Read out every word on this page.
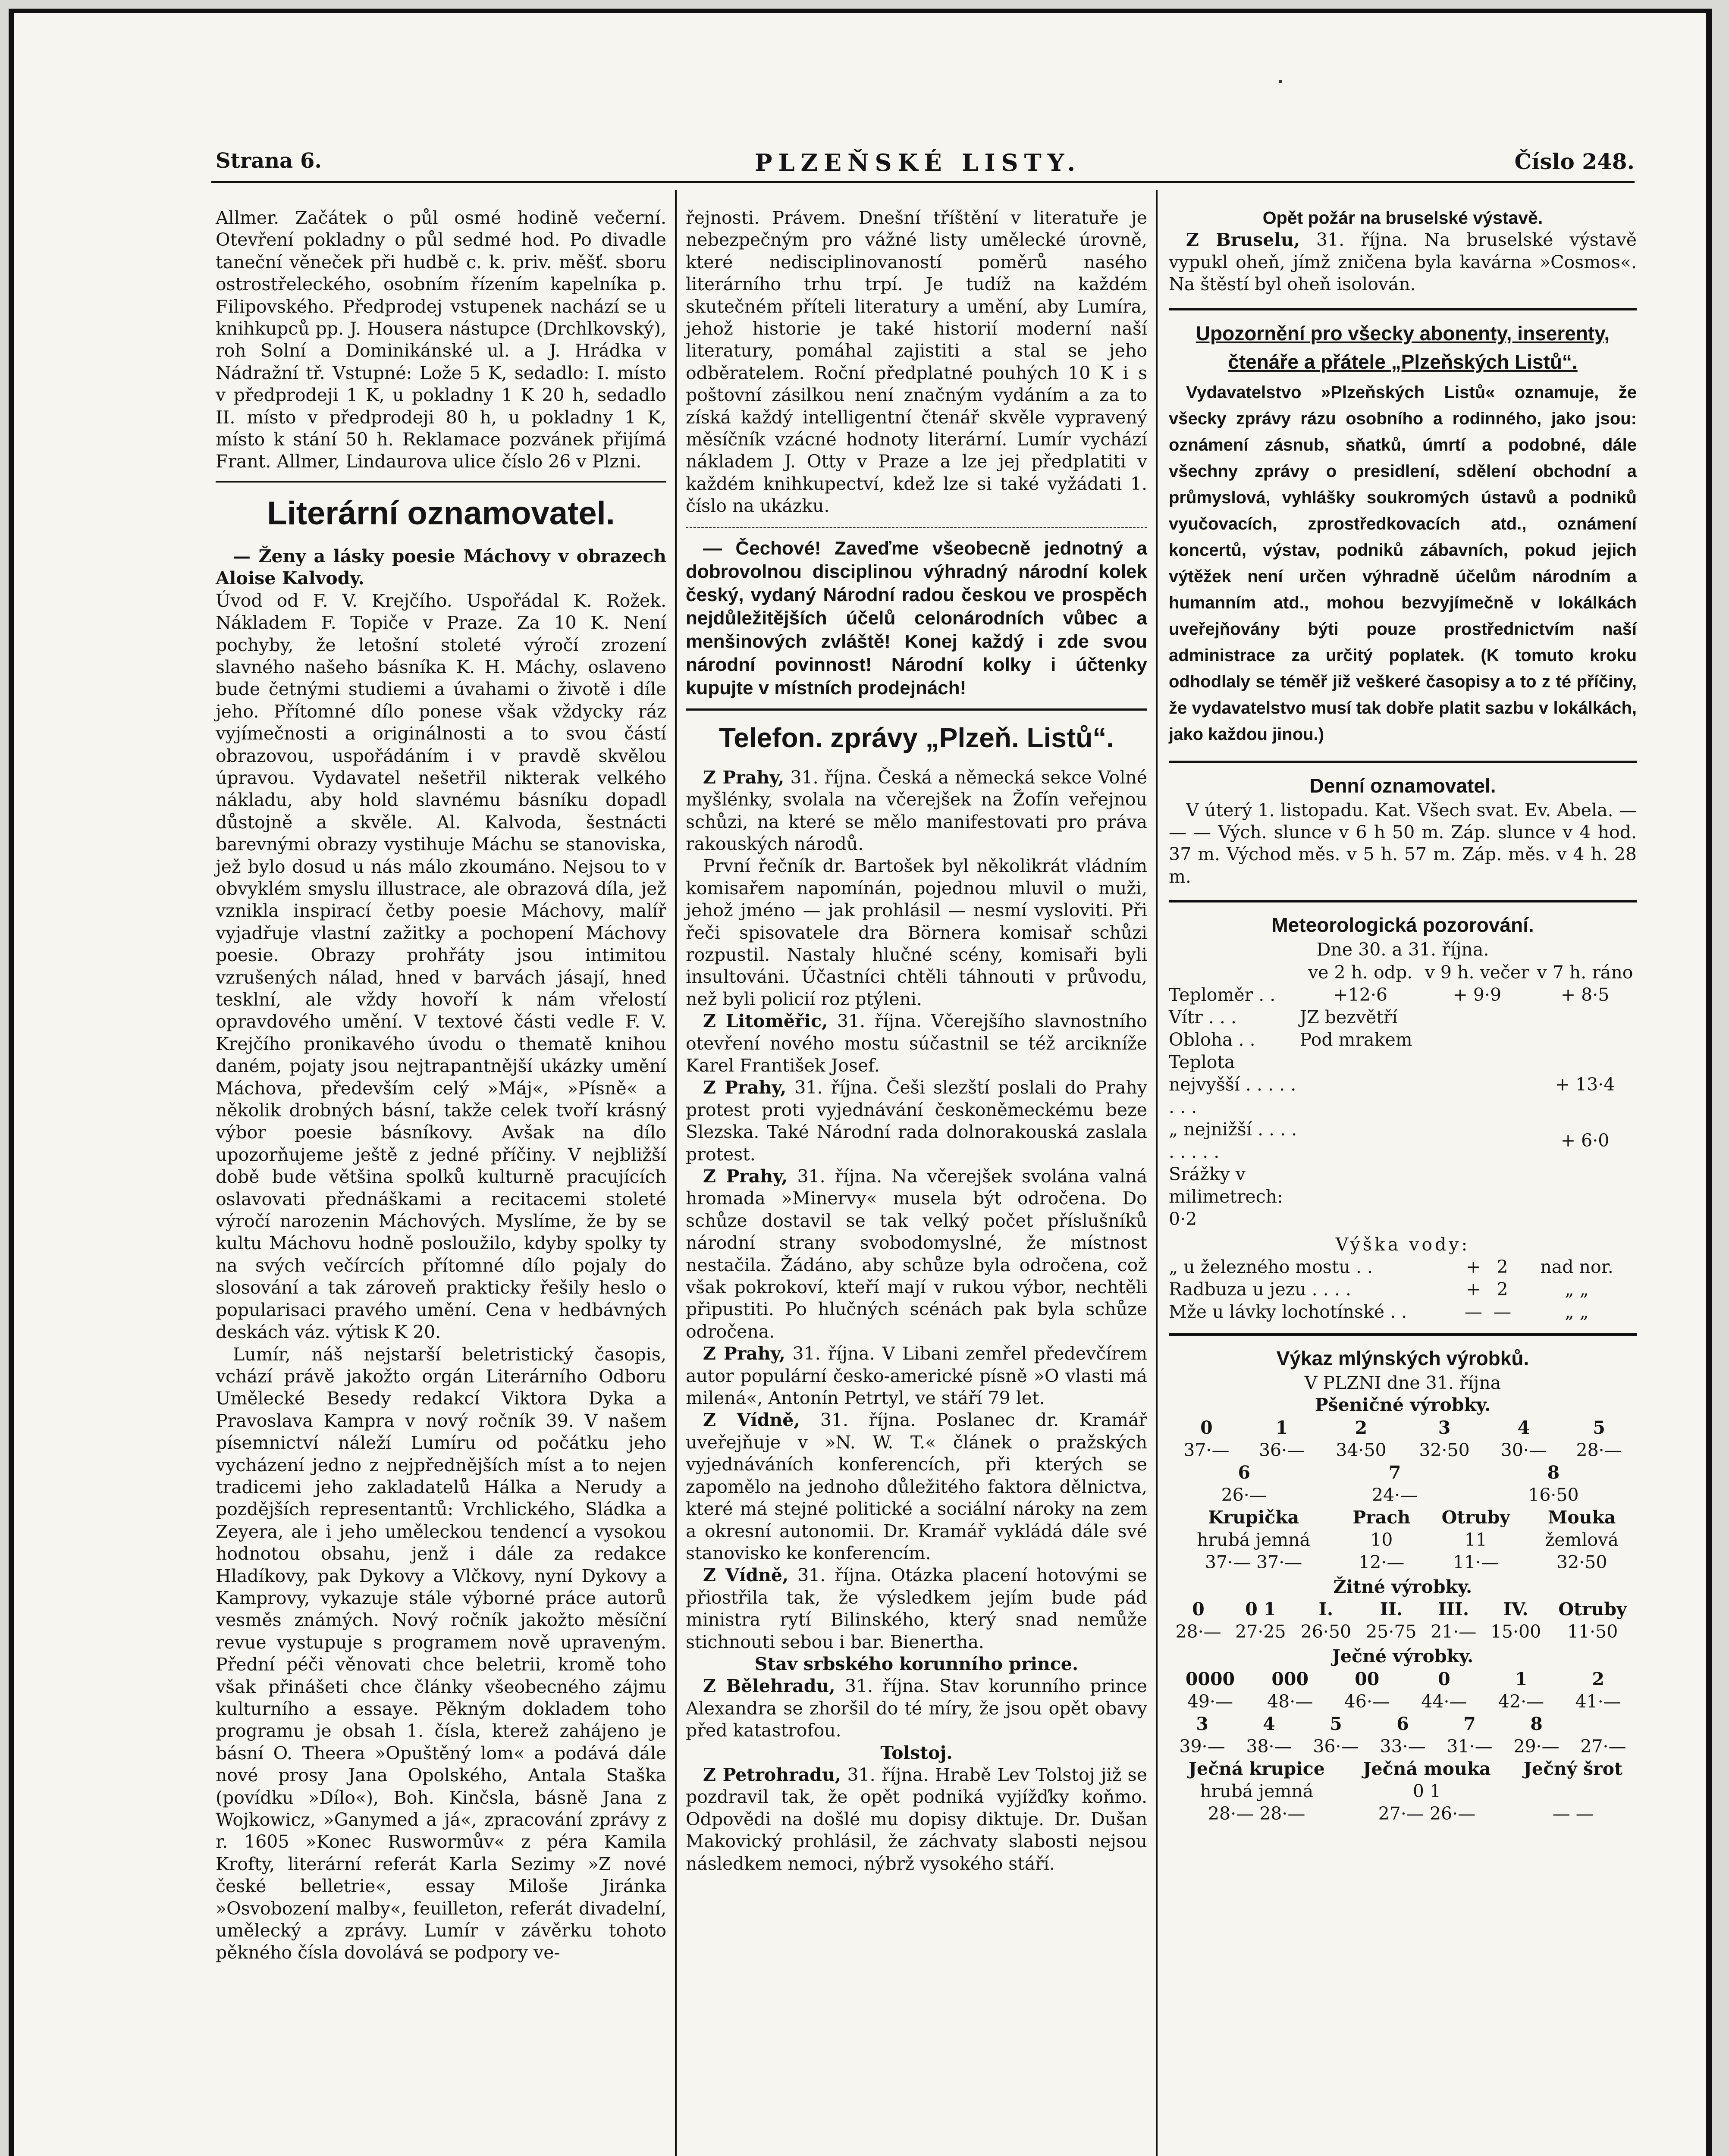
Strana 6.	PLZEŇSKÉ LISTY.	Číslo 248.

Allmer. Začátek o půl osmé hodině večerní. Otevření pokladny o půl sedmé hod. Po divadle taneční věneček při hudbě c. k. priv. měšť. sboru ostrostřeleckého, osobním řízením kapelníka p. Filipovského. Předprodej vstupenek nachází se u knihkupců pp. J. Housera nástupce (Drchlkovský), roh Solní a Dominikánské ul. a J. Hrádka v Nádražní tř. Vstupné: Lože 5 K, sedadlo: I. místo v předprodeji 1 K, u pokladny 1 K 20 h, sedadlo II. místo v předprodeji 80 h, u pokladny 1 K, místo k stání 50 h. Reklamace pozvánek přijímá Frant. Allmer, Lindaurova ulice číslo 26 v Plzni.

Literární oznamovatel.

— Ženy a lásky poesie Máchovy v obrazech Aloise Kalvody.

Úvod od F. V. Krejčího. Uspořádal K. Rožek. Nákladem F. Topiče v Praze. Za 10 K. Není pochyby, že letošní stoleté výročí zrození slavného našeho básníka K. H. Máchy, oslaveno bude četnými studiemi a úvahami o životě i díle jeho. Přítomné dílo ponese však vždycky ráz vyjímečnosti a originálnosti a to svou částí obrazovou, uspořádáním i v pravdě skvělou úpravou. Vydavatel nešetřil nikterak velkého nákladu, aby hold slavnému básníku dopadl důstojně a skvěle. Al. Kalvoda, šestnácti barevnými obrazy vystihuje Máchu se stanoviska, jež bylo dosud u nás málo zkoumáno. Nejsou to v obvyklém smyslu illustrace, ale obrazová díla, jež vznikla inspirací četby poesie Máchovy, malíř vyjadřuje vlastní zažitky a pochopení Máchovy poesie. Obrazy prohřáty jsou intimitou vzrušených nálad, hned v barvách jásají, hned tesklní, ale vždy hovoří k nám vřelostí opravdového umění. V textové části vedle F. V. Krejčího pronikavého úvodu o thematě knihou daném, pojaty jsou nejtrapantnější ukázky umění Máchova, především celý »Máj«, »Písně« a několik drobných básní, takže celek tvoří krásný výbor poesie básníkovy. Avšak na dílo upozorňujeme ještě z jedné příčiny. V nejbližší době bude většina spolků kulturně pracujících oslavovati přednáškami a recitacemi stoleté výročí narozenin Máchových. Myslíme, že by se kultu Máchovu hodně posloužilo, kdyby spolky ty na svých večírcích přítomné dílo pojaly do slosování a tak zároveň prakticky řešily heslo o popularisaci pravého umění. Cena v hedbávných deskách váz. výtisk K 20.

Lumír, náš nejstarší beletristický časopis, vchází právě jakožto orgán Literárního Odboru Umělecké Besedy redakcí Viktora Dyka a Pravoslava Kampra v nový ročník 39. V našem písemnictví náleží Lumíru od počátku jeho vycházení jedno z nejpřednějších míst a to nejen tradicemi jeho zakladatelů Hálka a Nerudy a pozdějších representantů: Vrchlického, Sládka a Zeyera, ale i jeho uměleckou tendencí a vysokou hodnotou obsahu, jenž i dále za redakce Hladíkovy, pak Dykovy a Vlčkovy, nyní Dykovy a Kamprovy, vykazuje stále výborné práce autorů vesměs známých. Nový ročník jakožto měsíční revue vystupuje s programem nově upraveným. Přední péči věnovati chce beletrii, kromě toho však přinášeti chce články všeobecného zájmu kulturního a essaye. Pěkným dokladem toho programu je obsah 1. čísla, kterež zahájeno je básní O. Theera »Opuštěný lom« a podává dále nové prosy Jana Opolského, Antala Staška (povídku »Dílo«), Boh. Kinčsla, básně Jana z Wojkowicz, »Ganymed a já«, zpracování zprávy z r. 1605 »Konec Ruswormův« z péra Kamila Krofty, literární referát Karla Sezimy »Z nové české belletrie«, essay Miloše Jiránka »Osvobození malby«, feuilleton, referát divadelní, umělecký a zprávy. Lumír v závěrku tohoto pěkného čísla dovolává se podpory ve-

řejnosti. Právem. Dnešní tříštění v literatuře je nebezpečným pro vážné listy umělecké úrovně, které nedisciplinovaností poměrů nasého literárního trhu trpí. Je tudíž na každém skutečném příteli literatury a umění, aby Lumíra, jehož historie je také historií moderní naší literatury, pomáhal zajistiti a stal se jeho odběratelem. Roční předplatné pouhých 10 K i s poštovní zásilkou není značným vydáním a za to získá každý intelligentní čtenář skvěle vypravený měsíčník vzácné hodnoty literární. Lumír vychází nákladem J. Otty v Praze a lze jej předplatiti v každém knihkupectví, kdež lze si také vyžádati 1. číslo na ukázku.

— Čechové! Zaveďme všeobecně jednotný a dobrovolnou disciplinou výhradný národní kolek český, vydaný Národní radou českou ve prospěch nejdůležitějších účelů celonárodních vůbec a menšinových zvláště! Konej každý i zde svou národní povinnost! Národní kolky i účtenky kupujte v místních prodejnách!

Telefon. zprávy „Plzeň. Listů“.

Z Prahy, 31. října. Česká a německá sekce Volné myšlénky, svolala na včerejšek na Žofín veřejnou schůzi, na které se mělo manifestovati pro práva rakouských národů.

První řečník dr. Bartošek byl několikrát vládním komisařem napomínán, pojednou mluvil o muži, jehož jméno — jak prohlásil — nesmí vysloviti. Při řeči spisovatele dra Börnera komisař schůzi rozpustil. Nastaly hlučné scény, komisaři byli insultováni. Účastníci chtěli táhnouti v průvodu, než byli policií roz ptýleni.

Z Litoměřic, 31. října. Včerejšího slavnostního otevření nového mostu súčastnil se též arcikníže Karel František Josef.

Z Prahy, 31. října. Češi slezští poslali do Prahy protest proti vyjednávání českoněmeckému beze Slezska. Také Národní rada dolnorakouská zaslala protest.

Z Prahy, 31. října. Na včerejšek svolána valná hromada »Minervy« musela být odročena. Do schůze dostavil se tak velký počet příslušníků národní strany svobodomyslné, že místnost nestačila. Žádáno, aby schůze byla odročena, což však pokrokoví, kteří mají v rukou výbor, nechtěli připustiti. Po hlučných scénách pak byla schůze odročena.

Z Prahy, 31. října. V Libani zemřel předevčírem autor populární česko-americké písně »O vlasti má milená«, Antonín Petrtyl, ve stáří 79 let.

Z Vídně, 31. října. Poslanec dr. Kramář uveřejňuje v »N. W. T.« článek o pražských vyjednáváních konferencích, při kterých se zapomělo na jednoho důležitého faktora dělnictva, které má stejné politické a sociální nároky na zem a okresní autonomii. Dr. Kramář vykládá dále své stanovisko ke konferencím.

Z Vídně, 31. října. Otázka placení hotovými se přiostřila tak, že výsledkem jejím bude pád ministra rytí Bilinského, který snad nemůže stichnouti sebou i bar. Bienertha.

Stav srbského korunního prince.

Z Bělehradu, 31. října. Stav korunního prince Alexandra se zhoršil do té míry, že jsou opět obavy před katastrofou.

Tolstoj.

Z Petrohradu, 31. října. Hrabě Lev Tolstoj již se pozdravil tak, že opět podniká vyjížďky koňmo. Odpovědi na došlé mu dopisy diktuje. Dr. Dušan Makovický prohlásil, že záchvaty slabosti nejsou následkem nemoci, nýbrž vysokého stáří.

Opět požár na bruselské výstavě.

Z Bruselu, 31. října. Na bruselské výstavě vypukl oheň, jímž zničena byla kavárna »Cosmos«. Na štěstí byl oheň isolován.

Upozornění pro všecky abonenty, inserenty, čtenáře a přátele „Plzeňských Listů“.

Vydavatelstvo »Plzeňských Listů« oznamuje, že všecky zprávy rázu osobního a rodinného, jako jsou: oznámení zásnub, sňatků, úmrtí a podobné, dále všechny zprávy o presidlení, sdělení obchodní a průmyslová, vyhlášky soukromých ústavů a podniků vyučovacích, zprostředkovacích atd., oznámení koncertů, výstav, podniků zábavních, pokud jejich výtěžek není určen výhradně účelům národním a humanním atd., mohou bezvyjímečně v lokálkách uveřejňovány býti pouze prostřednictvím naší administrace za určitý poplatek. (K tomuto kroku odhodlaly se téměř již veškeré časopisy a to z té příčiny, že vydavatelstvo musí tak dobře platit sazbu v lokálkách, jako každou jinou.)

Denní oznamovatel.

V úterý 1. listopadu. Kat. Všech svat. Ev. Abela. — — — Vých. slunce v 6 h 50 m. Záp. slunce v 4 hod. 37 m. Východ měs. v 5 h. 57 m. Záp. měs. v 4 h. 28 m.

Meteorologická pozorování.

Dne 30. a 31. října.

	ve 2 h. odp.	v 9 h. večer	v 7 h. ráno
Teploměr . .	+12·6	+ 9·9	+ 8·5
Vítr . . .	JZ bezvětří		
Obloha . .	Pod mrakem		
Teplota nejvyšší . . . . . . . .			+ 13·4
„ nejnižší . . . . . . . . .			+ 6·0
Srážky v milimetrech: 0·2			

Výška vody:

„ u železného mostu . .	+	2	nad nor.
Radbuza u jezu . . . .	+	2	„ „
Mže u lávky lochotínské . .	—	—	„ „

Výkaz mlýnských výrobků.

V PLZNI dne 31. října

Pšeničné výrobky.

0	1	2	3	4	5
37·—	36·—	34·50	32·50	30·—	28·—
6	7	8
26·—	24·—	16·50
Krupička	Prach	Otruby	Mouka
hrubá jemná	10	11	žemlová
37·— 37·—	12·—	11·—	32·50

Žitné výrobky.

0	0 1	I.	II.	III.	IV.	Otruby
28·—	27·25	26·50	25·75	21·—	15·00	11·50

Ječné výrobky.

0000	000	00	0	1	2
49·—	48·—	46·—	44·—	42·—	41·—
3	4	5	6	7	8	
39·—	38·—	36·—	33·—	31·—	29·—	27·—
Ječná krupice	Ječná mouka	Ječný šrot
hrubá jemná	0 1	
28·— 28·—	27·— 26·—	— —
